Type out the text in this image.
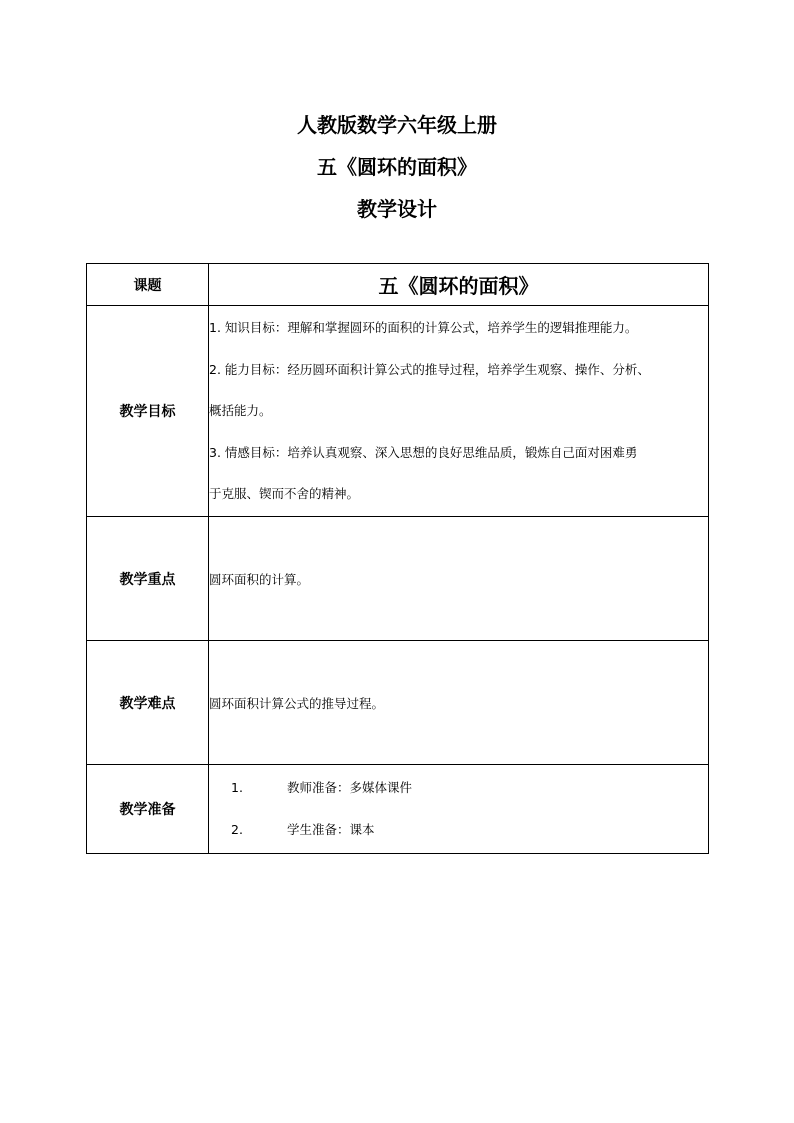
人教版数学六年级上册
五《圆环的面积》
教学设计
课题	五《圆环的面积》

教学目标	1. 知识目标：理解和掌握圆环的面积的计算公式，培养学生的逻辑推理能力。
2. 能力目标：经历圆环面积计算公式的推导过程，培养学生观察、操作、分析、
概括能力。
3. 情感目标：培养认真观察、深入思想的良好思维品质，锻炼自己面对困难勇
于克服、锲而不舍的精神。

教学重点	圆环面积的计算。
教学难点	圆环面积计算公式的推导过程。
教学准备	1. 教师准备：多媒体课件
2. 学生准备：课本
